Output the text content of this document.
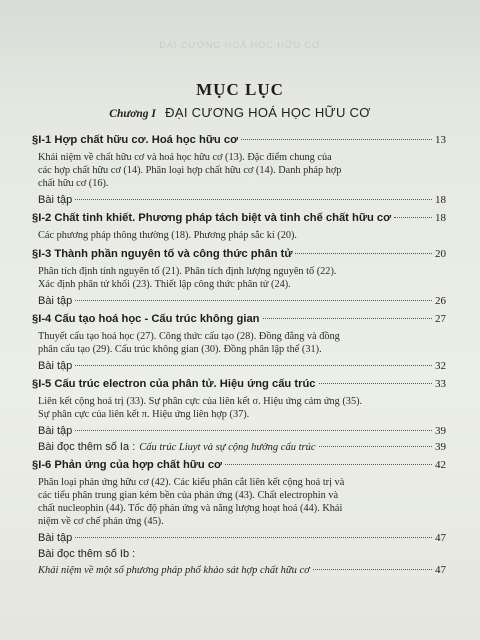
ĐẠI CƯƠNG HOÁ HỌC HỮU CƠ
MỤC LỤC
Chương I ĐẠI CƯƠNG HOÁ HỌC HỮU CƠ
§I-1 Hợp chất hữu cơ. Hoá học hữu cơ	13

Khái niệm về chất hữu cơ và hoá học hữu cơ (13). Đặc điểm chung của

các hợp chất hữu cơ (14). Phân loại hợp chất hữu cơ (14). Danh pháp hợp

chất hữu cơ (16).

Bài tập	18
§I-2 Chất tinh khiết. Phương pháp tách biệt và tinh chế chất hữu cơ	18

Các phương pháp thông thường (18). Phương pháp sắc kí (20).

§I-3 Thành phần nguyên tố và công thức phân tử	20

Phân tích định tính nguyên tố (21). Phân tích định lượng nguyên tố (22).

Xác định phân tử khối (23). Thiết lập công thức phân tử (24).

Bài tập	26
§I-4 Cấu tạo hoá học - Cấu trúc không gian	27

Thuyết cấu tạo hoá học (27). Công thức cấu tạo (28). Đồng đẳng và đồng

phân cấu tạo (29). Cấu trúc không gian (30). Đồng phân lập thể (31).

Bài tập	32
§I-5 Cấu trúc electron của phân tử. Hiệu ứng cấu trúc	33

Liên kết cộng hoá trị (33). Sự phân cực của liên kết σ. Hiệu ứng cảm ứng (35).

Sự phân cực của liên kết π. Hiệu ứng liên hợp (37).

Bài tập	39
Bài đọc thêm số Ia : Cấu trúc Liuyt và sự cộng hưởng cấu trúc	39
§I-6 Phản ứng của hợp chất hữu cơ	42

Phân loại phản ứng hữu cơ (42). Các kiểu phân cắt liên kết cộng hoá trị và

các tiểu phân trung gian kém bền của phản ứng (43). Chất electrophin và

chất nucleophin (44). Tốc độ phản ứng và năng lượng hoạt hoá (44). Khái

niệm về cơ chế phản ứng (45).

Bài tập	47
Bài đọc thêm số Ib :
Khái niệm về một số phương pháp phổ khảo sát hợp chất hữu cơ	47
